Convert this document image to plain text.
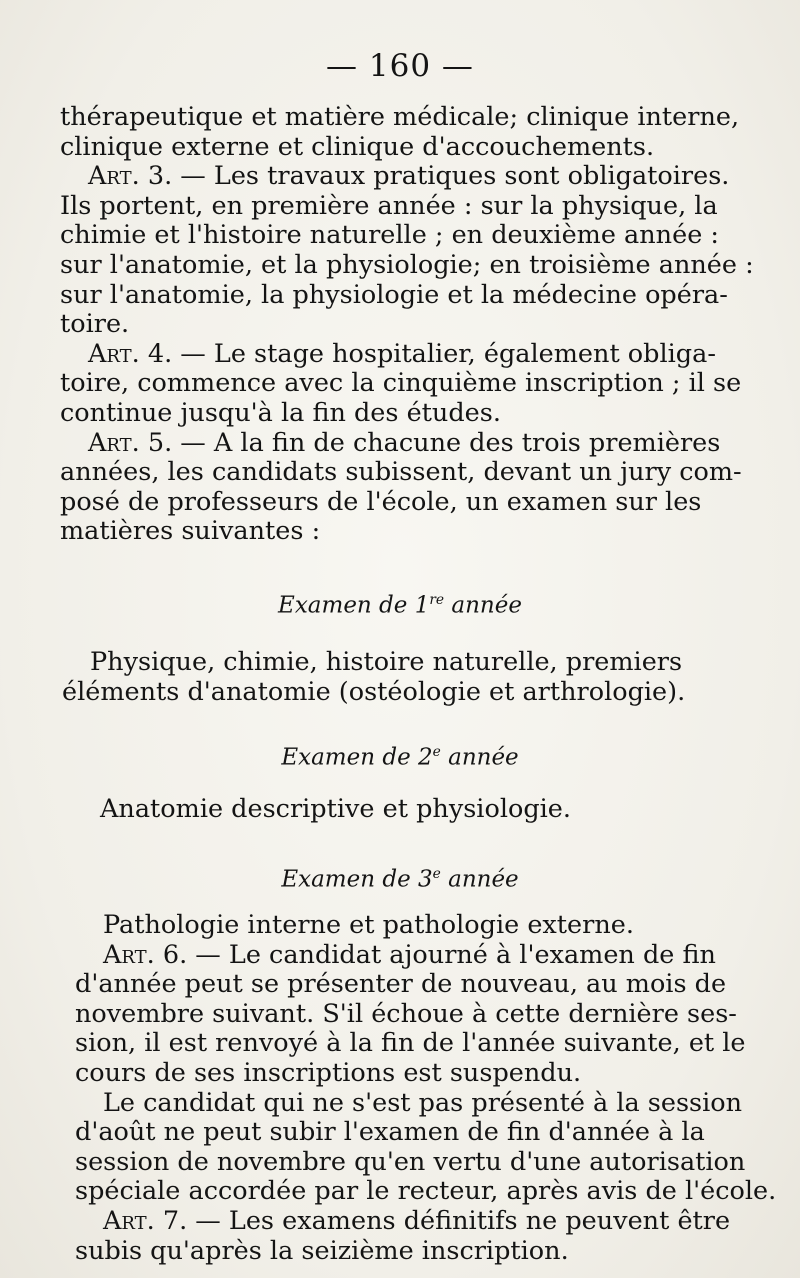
— 160 —
thérapeutique et matière médicale; clinique interne,
clinique externe et clinique d'accouchements.
Art. 3. — Les travaux pratiques sont obligatoires.
Ils portent, en première année : sur la physique, la
chimie et l'histoire naturelle ; en deuxième année :
sur l'anatomie, et la physiologie; en troisième année :
sur l'anatomie, la physiologie et la médecine opéra-
toire.
Art. 4. — Le stage hospitalier, également obliga-
toire, commence avec la cinquième inscription ; il se
continue jusqu'à la fin des études.
Art. 5. — A la fin de chacune des trois premières
années, les candidats subissent, devant un jury com-
posé de professeurs de l'école, un examen sur les
matières suivantes :
Examen de 1re année
Physique, chimie, histoire naturelle, premiers
éléments d'anatomie (ostéologie et arthrologie).
Examen de 2e année
Anatomie descriptive et physiologie.
Examen de 3e année
Pathologie interne et pathologie externe.
Art. 6. — Le candidat ajourné à l'examen de fin
d'année peut se présenter de nouveau, au mois de
novembre suivant. S'il échoue à cette dernière ses-
sion, il est renvoyé à la fin de l'année suivante, et le
cours de ses inscriptions est suspendu.
Le candidat qui ne s'est pas présenté à la session
d'août ne peut subir l'examen de fin d'année à la
session de novembre qu'en vertu d'une autorisation
spéciale accordée par le recteur, après avis de l'école.
Art. 7. — Les examens définitifs ne peuvent être
subis qu'après la seizième inscription.
